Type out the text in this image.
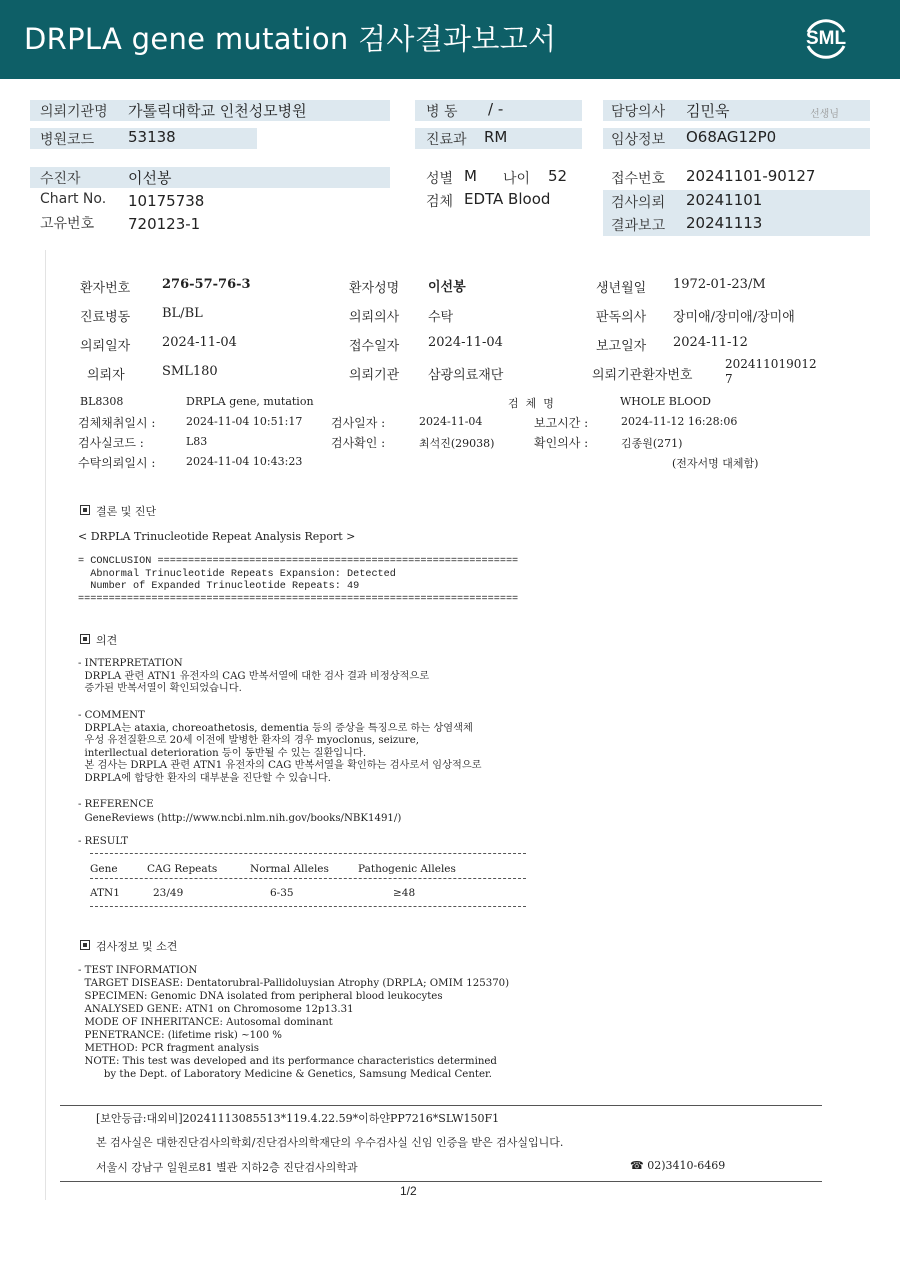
DRPLA gene mutation 검사결과보고서	SML
의뢰기관명 가톨릭대학교 인천성모병원	병 동 / -	담당의사 김민욱	선생님
병원코드 53138	진료과 RM	임상정보 O68AG12P0
수진자	이선봉	성별 M 나이 52	접수번호 20241101-90127
Chart No. 10175738	검체 EDTA Blood	검사의뢰 20241101
고유번호 720123-1	결과보고 20241113
환자번호 276-57-76-3	환자성명 이선봉	생년월일 1972-01-23/M
진료병동 BL/BL	의뢰의사 수탁	판독의사 장미애/장미애/장미애
의뢰일자 2024-11-04	접수일자 2024-11-04	보고일자 2024-11-12
의뢰자	SML180	의뢰기관 삼광의료재단	의뢰기관환자번호
202411019012
7
BL8308	DRPLA gene, mutation	검  체  명	WHOLE BLOOD
검체채취일시 :	2024-11-04 10:51:17 검사일자 :	2024-11-04	보고시간 :	2024-11-12 16:28:06
검사실코드 :	L83	검사확인 :	최석진(29038)	확인의사 :	김종원(271)
수탁의뢰일시 :	2024-11-04 10:43:23	(전자서명 대체함)
결론 및 진단
< DRPLA Trinucleotide Repeat Analysis Report >
= CONCLUSION ===========================================================
Abnormal Trinucleotide Repeats Expansion: Detected
Number of Expanded Trinucleotide Repeats: 49
========================================================================
의견
- INTERPRETATION
DRPLA 관련 ATN1 유전자의 CAG 반복서열에 대한 검사 결과 비정상적으로
증가된 반복서열이 확인되었습니다.
- COMMENT
DRPLA는 ataxia, choreoathetosis, dementia 등의 증상을 특징으로 하는 상염색체
우성 유전질환으로 20세 이전에 발병한 환자의 경우 myoclonus, seizure,
interllectual deterioration 등이 동반될 수 있는 질환입니다.
본 검사는 DRPLA 관련 ATN1 유전자의 CAG 반복서열을 확인하는 검사로서 임상적으로
DRPLA에 합당한 환자의 대부분을 진단할 수 있습니다.
- REFERENCE
GeneReviews (http://www.ncbi.nlm.nih.gov/books/NBK1491/)
- RESULT
Gene	CAG Repeats	Normal Alleles	Pathogenic Alleles
ATN1	23/49	6-35	≥48
검사정보 및 소견
- TEST INFORMATION
TARGET DISEASE: Dentatorubral-Pallidoluysian Atrophy (DRPLA; OMIM 125370)
SPECIMEN: Genomic DNA isolated from peripheral blood leukocytes
ANALYSED GENE: ATN1 on Chromosome 12p13.31
MODE OF INHERITANCE: Autosomal dominant
PENETRANCE: (lifetime risk) ~100 %
METHOD: PCR fragment analysis
NOTE: This test was developed and its performance characteristics determined
by the Dept. of Laboratory Medicine & Genetics, Samsung Medical Center.
[보안등급:대외비]20241113085513*119.4.22.59*이하얀PP7216*SLW150F1
본 검사실은 대한진단검사의학회/진단검사의학재단의 우수검사실 신임 인증을 받은 검사실입니다.
서울시 강남구 일원로81 별관 지하2층 진단검사의학과	☎ 02)3410-6469
1/2
